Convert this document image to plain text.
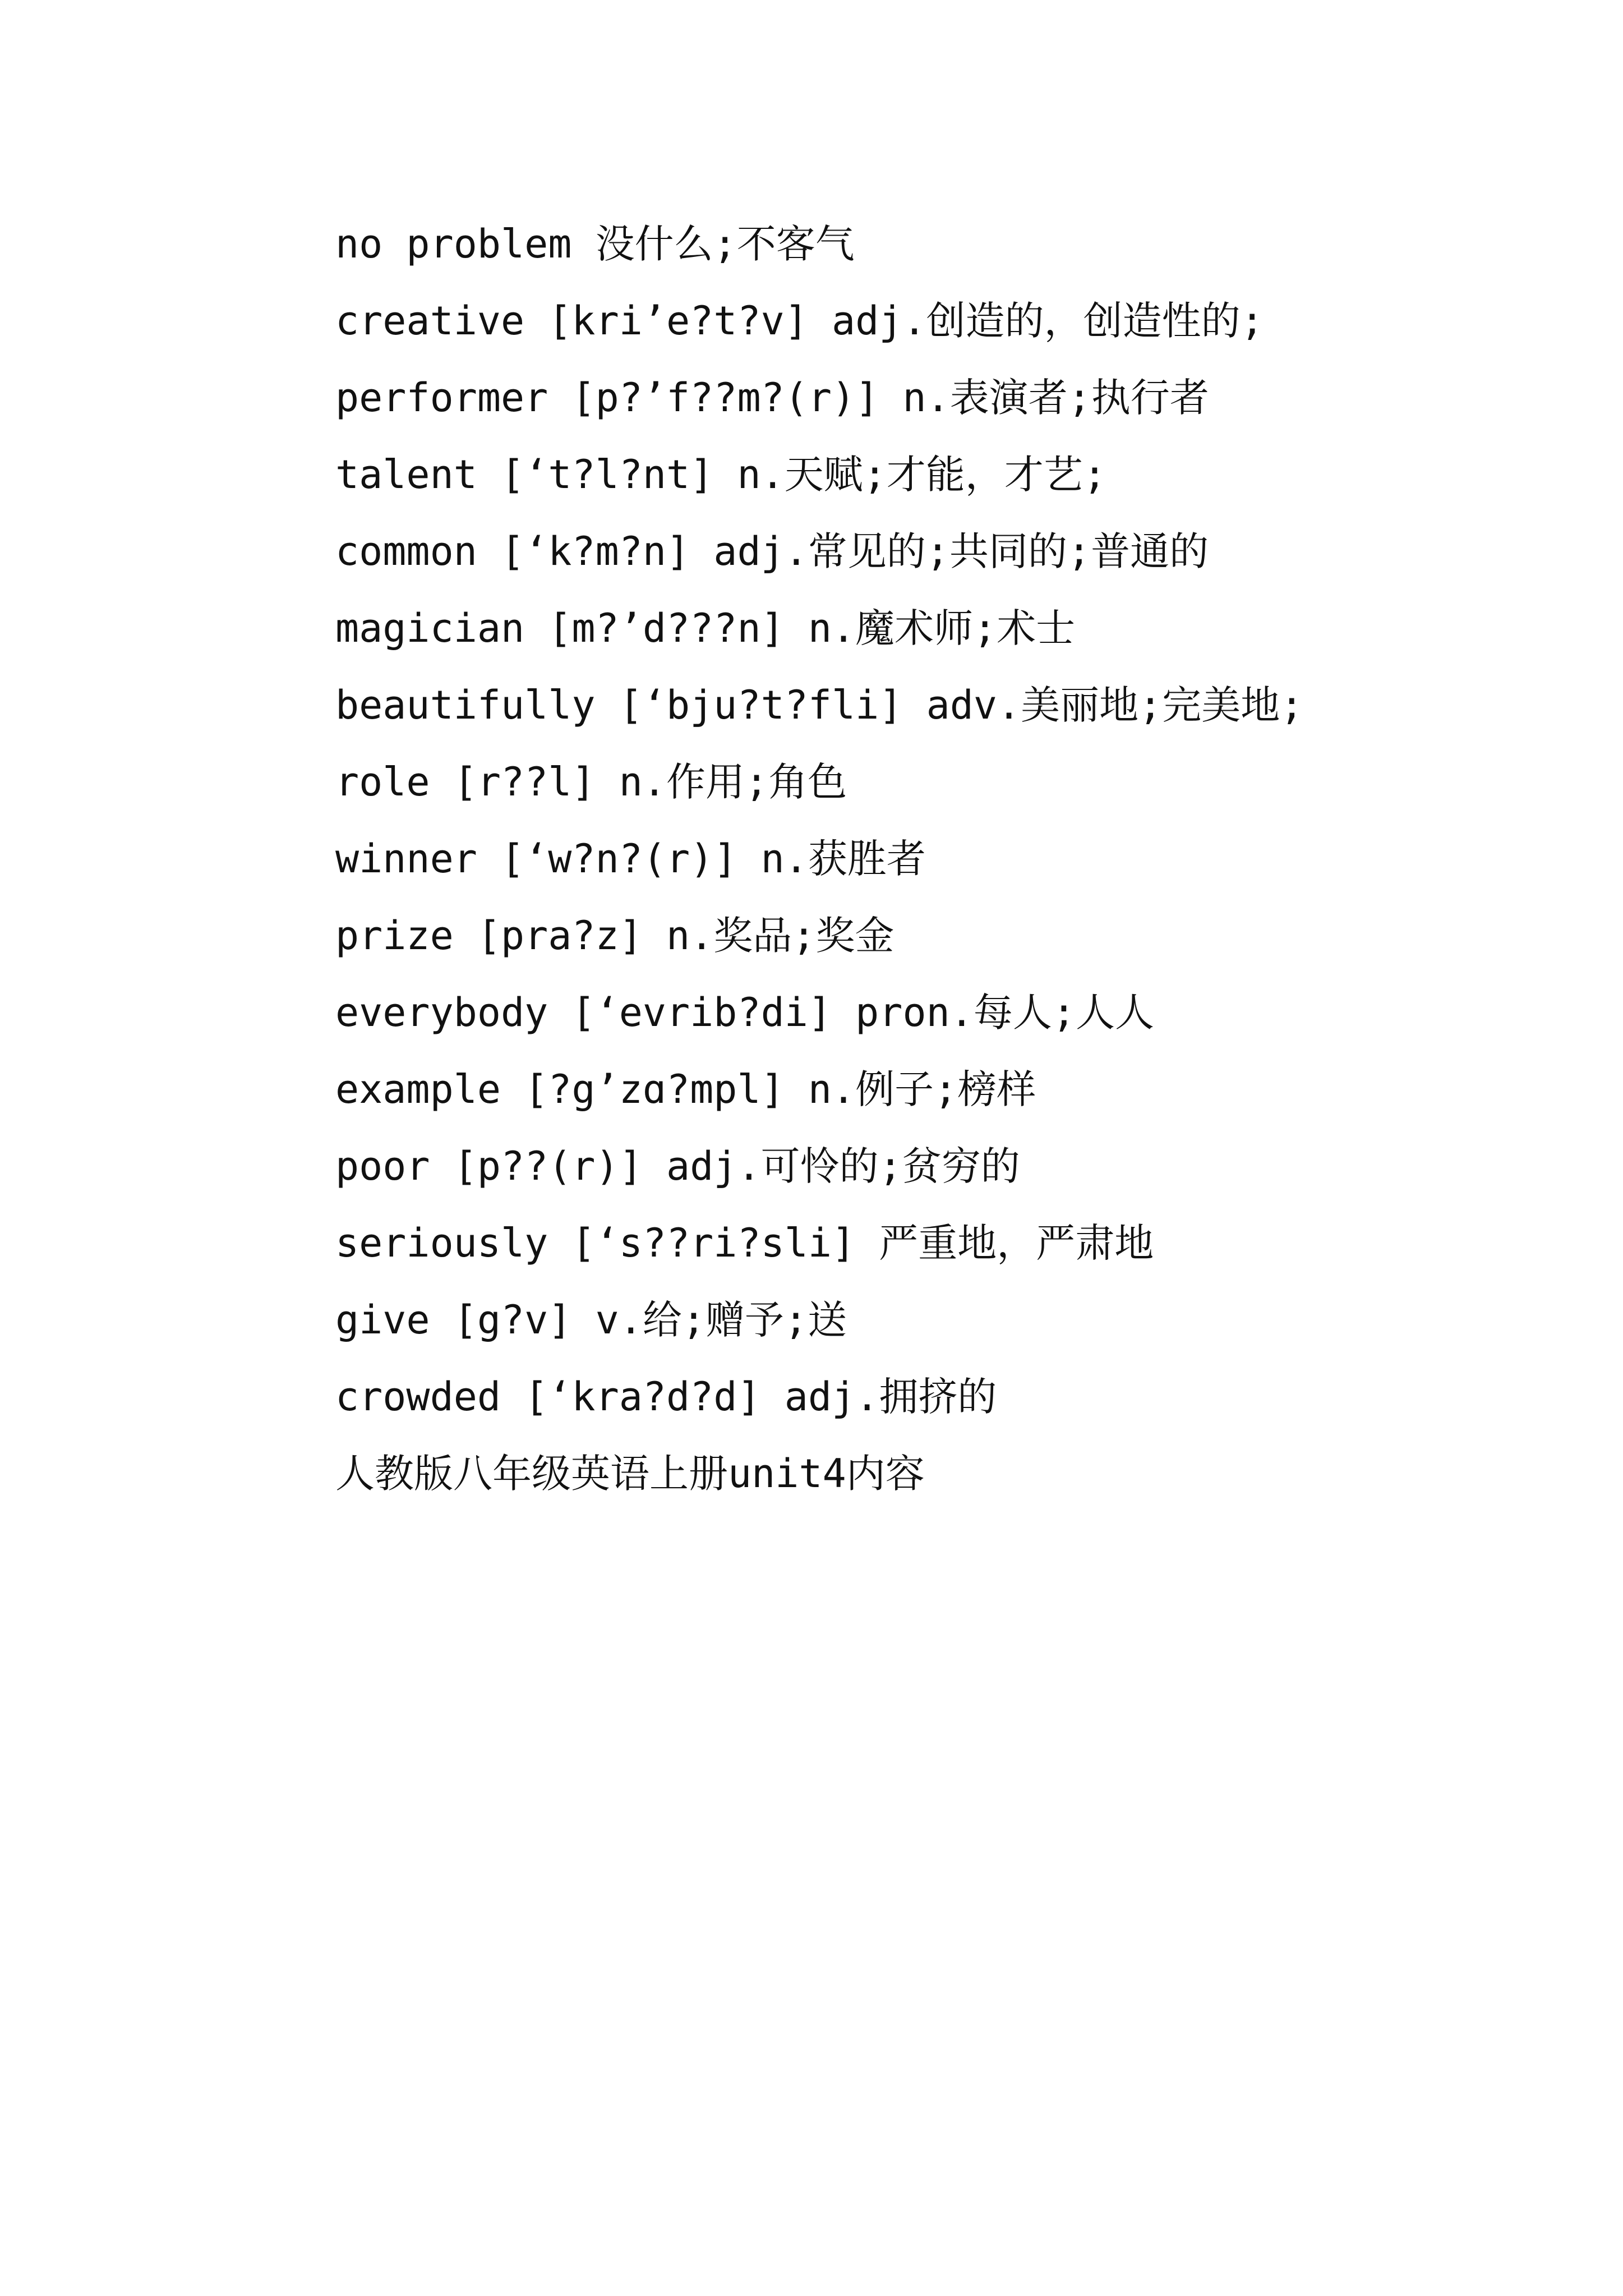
no problem 没什么;不客气
creative [kri’e?t?v] adj.创造的，创造性的;
performer [p?’f??m?(r)] n.表演者;执行者
talent [‘t?l?nt] n.天赋;才能，才艺;
common [‘k?m?n] adj.常见的;共同的;普通的
magician [m?’d???n] n.魔术师;术士
beautifully [‘bju?t?fli] adv.美丽地;完美地;
role [r??l] n.作用;角色
winner [‘w?n?(r)] n.获胜者
prize [pra?z] n.奖品;奖金
everybody [‘evrib?di] pron.每人;人人
example [?g’zɑ?mpl] n.例子;榜样
poor [p??(r)] adj.可怜的;贫穷的
seriously [‘s??ri?sli] 严重地，严肃地
give [g?v] v.给;赠予;送
crowded [‘kra?d?d] adj.拥挤的
人教版八年级英语上册unit4内容
